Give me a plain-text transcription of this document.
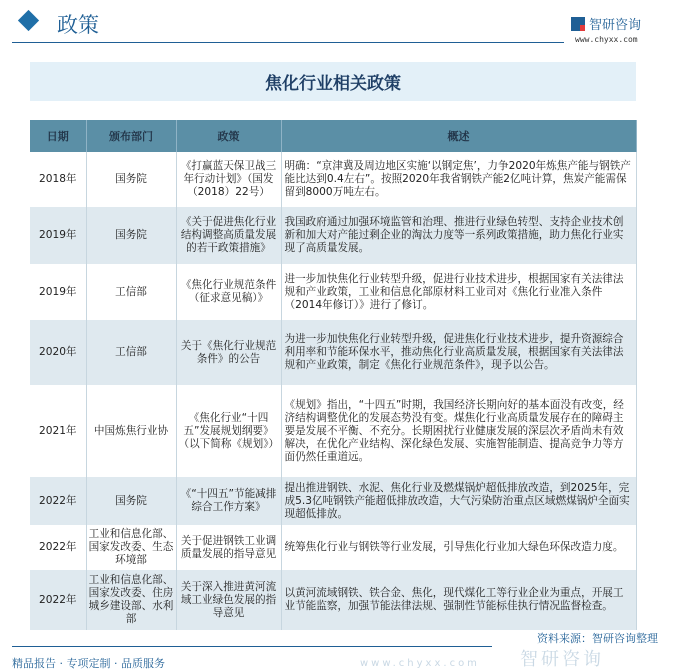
政策	智研咨询
www.chyxx.com
焦化行业相关政策
日期	颁布部门	政策	概述
2018年	国务院	《打赢蓝天保卫战三年行动计划》（国发（2018）22号）	明确：“京津冀及周边地区实施‘以钢定焦’，力争2020年炼焦产能与钢铁产能比达到0.4左右”。按照2020年我省钢铁产能2亿吨计算，焦炭产能需保留到8000万吨左右。
2019年	国务院	《关于促进焦化行业结构调整高质量发展的若干政策措施》	我国政府通过加强环境监管和治理、推进行业绿色转型、支持企业技术创新和加大对产能过剩企业的淘汰力度等一系列政策措施，助力焦化行业实现了高质量发展。
2019年	工信部	《焦化行业规范条件（征求意见稿）》	进一步加快焦化行业转型升级，促进行业技术进步，根据国家有关法律法规和产业政策，工业和信息化部原材料工业司对《焦化行业准入条件（2014年修订）》进行了修订。
2020年	工信部	关于《焦化行业规范条件》的公告	为进一步加快焦化行业转型升级，促进焦化行业技术进步，提升资源综合利用率和节能环保水平，推动焦化行业高质量发展，根据国家有关法律法规和产业政策，制定《焦化行业规范条件》，现予以公告。
2021年	中国炼焦行业协	《焦化行业“十四五”发展规划纲要》（以下简称《规划》）	《规划》指出，“十四五”时期，我国经济长期向好的基本面没有改变，经济结构调整优化的发展态势没有变。煤焦化行业高质量发展存在的障碍主要是发展不平衡、不充分。长期困扰行业健康发展的深层次矛盾尚未有效解决，在优化产业结构、深化绿色发展、实施智能制造、提高竞争力等方面仍然任重道远。
2022年	国务院	《“十四五”节能减排综合工作方案》	提出推进钢铁、水泥、焦化行业及燃煤锅炉超低排放改造，到2025年，完成5.3亿吨钢铁产能超低排放改造，大气污染防治重点区域燃煤锅炉全面实现超低排放。
2022年	工业和信息化部、国家发改委、生态环境部	关于促进钢铁工业调质量发展的指导意见	统筹焦化行业与钢铁等行业发展，引导焦化行业加大绿色环保改造力度。
2022年	工业和信息化部、国家发改委、住房城乡建设部、水利部	关于深入推进黄河流域工业绿色发展的指导意见	以黄河流域钢铁、铁合金、焦化，现代煤化工等行业企业为重点，开展工业节能监察，加强节能法律法规、强制性节能标佳执行情况监督检查。
资料来源：智研咨询整理
精品报告 · 专项定制 · 品质服务	www.chyxx.com 智研咨询
